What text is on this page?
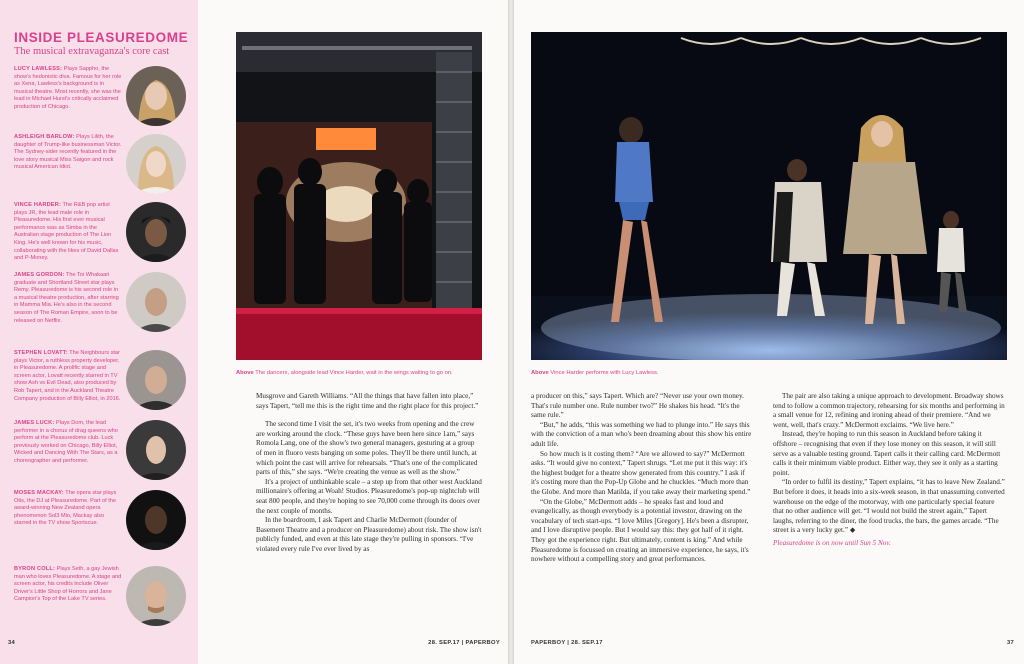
INSIDE PLEASUREDOME
The musical extravaganza's core cast
LUCY LAWLESS: Plays Sappho, the show's hedonistic diva. Famous for her role as Xena, Lawless's background is in musical theatre. Most recently, she was the lead in Michael Hurst's critically acclaimed production of Chicago.
ASHLEIGH BARLOW: Plays Lilith, the daughter of Trump-like businessman Victor. The Sydney-sider recently featured in the love story musical Miss Saigon and rock musical American Idiot.
VINCE HARDER: The R&B pop artist plays JR, the lead male role in Pleasuredome. His first ever musical performance was as Simba in the Australian stage production of The Lion King. He's well known for his music, collaborating with the likes of David Dallas and P-Money.
JAMES GORDON: The Toi Whakaari graduate and Shortland Street star plays Remy. Pleasuredome is his second role in a musical theatre production, after starring in Mamma Mia. He's also in the second season of The Roman Empire, soon to be released on Netflix.
STEPHEN LOVATT: The Neighbours star plays Victor, a ruthless property developer, in Pleasuredome. A prolific stage and screen actor, Lovatt recently starred in TV show Ash vs Evil Dead, also produced by Rob Tapert, and in the Auckland Theatre Company production of Billy Elliot, in 2016.
JAMES LUCK: Plays Dom, the lead performer in a chorus of drag queens who perform at the Pleasuredome club. Luck previously worked on Chicago, Billy Elliot, Wicked and Dancing With The Stars, as a choreographer and performer.
MOSES MACKAY: The opera star plays Otis, the DJ at Pleasuredome. Part of the award-winning New Zealand opera phenomenon Sol3 Mio, Mackay also starred in the TV show Sportscue.
BYRON COLL: Plays Seth, a gay Jewish man who loves Pleasuredome. A stage and screen actor, his credits include Oliver Driver's Little Shop of Horrors and Jane Campion's Top of the Lake TV series.
Above The dancers, alongside lead Vince Harder, wait in the wings waiting to go on.

Musgrove and Gareth Williams. “All the things that have fallen into place,” says Tapert, “tell me this is the right time and the right place for this project.”

The second time I visit the set, it's two weeks from opening and the crew are working around the clock. “These guys have been here since 1am,” says Romola Lang, one of the show's two general managers, gesturing at a group of men in fluoro vests banging on some poles. They'll be there until lunch, at which point the cast will arrive for rehearsals. “That's one of the complicated parts of this,” she says. “We're creating the venue as well as the show.”

It's a project of unthinkable scale – a step up from that other west Auckland millionaire's offering at Woah! Studios. Pleasuredome's pop-up nightclub will seat 800 people, and they're hoping to see 70,000 come through its doors over the next couple of months.

In the boardroom, I ask Tapert and Charlie McDermott (founder of Basement Theatre and a producer on Pleasuredome) about risk. The show isn't publicly funded, and even at this late stage they're pulling in sponsors. “I've violated every rule I've ever lived by as

34	28. SEP.17 | PAPERBOY
Above Vince Harder performs with Lucy Lawless.

a producer on this,” says Tapert. Which are? “Never use your own money. That's rule number one. Rule number two?” He shakes his head. “It's the same rule.”

“But,” he adds, “this was something we had to plunge into.” He says this with the conviction of a man who's been dreaming about this show his entire adult life.

So how much is it costing them? “Are we allowed to say?” McDermott asks. “It would give no context,” Tapert shrugs. “Let me put it this way: it's the highest budget for a theatre show generated from this country.” I ask if it's costing more than the Pop-Up Globe and he chuckles. “Much more than the Globe. And more than Matilda, if you take away their marketing spend.”

“On the Globe,” McDermott adds – he speaks fast and loud and evangelically, as though everybody is a potential investor, drawing on the vocabulary of tech start-ups. “I love Miles [Gregory]. He's been a disrupter, and I love disruptive people. But I would say this: they got half of it right. They got the experience right. But ultimately, content is king.” And while Pleasuredome is focussed on creating an immersive experience, he says, it's nowhere without a compelling story and great performances.

The pair are also taking a unique approach to development. Broadway shows tend to follow a common trajectory, rehearsing for six months and performing in a small venue for 12, refining and ironing ahead of their premiere. “And we went, well, that's crazy.” McDermott exclaims. “We live here.”

Instead, they're hoping to run this season in Auckland before taking it offshore – recognising that even if they lose money on this season, it will still serve as a valuable testing ground. Tapert calls it their calling card. McDermott calls it their minimum viable product. Either way, they see it only as a starting point.

“In order to fulfil its destiny,” Tapert explains, “it has to leave New Zealand.” But before it does, it heads into a six-week season, in that unassuming converted warehouse on the edge of the motorway, with one particularly special feature that no other audience will get. “I would not build the street again,” Tapert laughs, referring to the diner, the food trucks, the bars, the games arcade. “The street is a very lucky get.” ◆

Pleasuredome is on now until Sun 5 Nov.

PAPERBOY | 28. SEP.17	37
